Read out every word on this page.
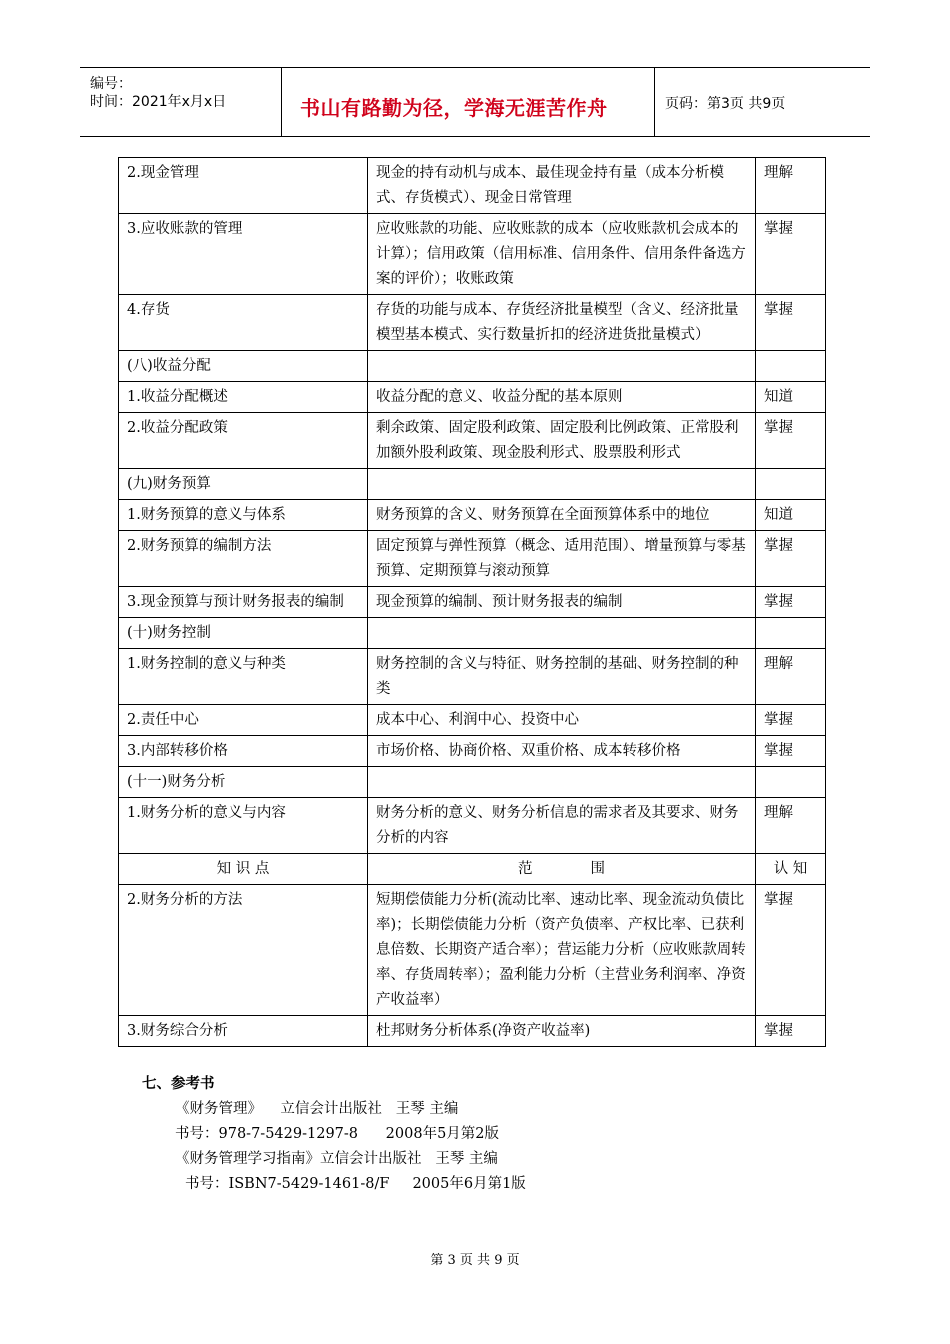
编号：
时间：2021年x月x日	书山有路勤为径，学海无涯苦作舟	页码：第3页 共9页
2.现金管理	现金的持有动机与成本、最佳现金持有量（成本分析模式、存货模式）、现金日常管理	理解
3.应收账款的管理	应收账款的功能、应收账款的成本（应收账款机会成本的计算）；信用政策（信用标准、信用条件、信用条件备选方案的评价）；收账政策	掌握
4.存货	存货的功能与成本、存货经济批量模型（含义、经济批量模型基本模式、实行数量折扣的经济进货批量模式）	掌握
(八)收益分配		
1.收益分配概述	收益分配的意义、收益分配的基本原则	知道
2.收益分配政策	剩余政策、固定股利政策、固定股利比例政策、正常股利加额外股利政策、现金股利形式、股票股利形式	掌握
(九)财务预算		
1.财务预算的意义与体系	财务预算的含义、财务预算在全面预算体系中的地位	知道
2.财务预算的编制方法	固定预算与弹性预算（概念、适用范围）、增量预算与零基预算、定期预算与滚动预算	掌握
3.现金预算与预计财务报表的编制	现金预算的编制、预计财务报表的编制	掌握
(十)财务控制		
1.财务控制的意义与种类	财务控制的含义与特征、财务控制的基础、财务控制的种类	理解
2.责任中心	成本中心、利润中心、投资中心	掌握
3.内部转移价格	市场价格、协商价格、双重价格、成本转移价格	掌握
(十一)财务分析		
1.财务分析的意义与内容	财务分析的意义、财务分析信息的需求者及其要求、财务分析的内容	理解
知 识 点	范　　　　围	认 知
2.财务分析的方法	短期偿债能力分析(流动比率、速动比率、现金流动负债比率)；长期偿债能力分析（资产负债率、产权比率、已获利息倍数、长期资产适合率）；营运能力分析（应收账款周转率、存货周转率）；盈利能力分析（主营业务利润率、净资产收益率）	掌握
3.财务综合分析	杜邦财务分析体系(净资产收益率)	掌握
七、参考书
《财务管理》    立信会计出版社   王琴 主编
书号：978-7-5429-1297-8      2008年5月第2版
《财务管理学习指南》立信会计出版社   王琴 主编
书号：ISBN7-5429-1461-8/F     2005年6月第1版
第 3 页 共 9 页
